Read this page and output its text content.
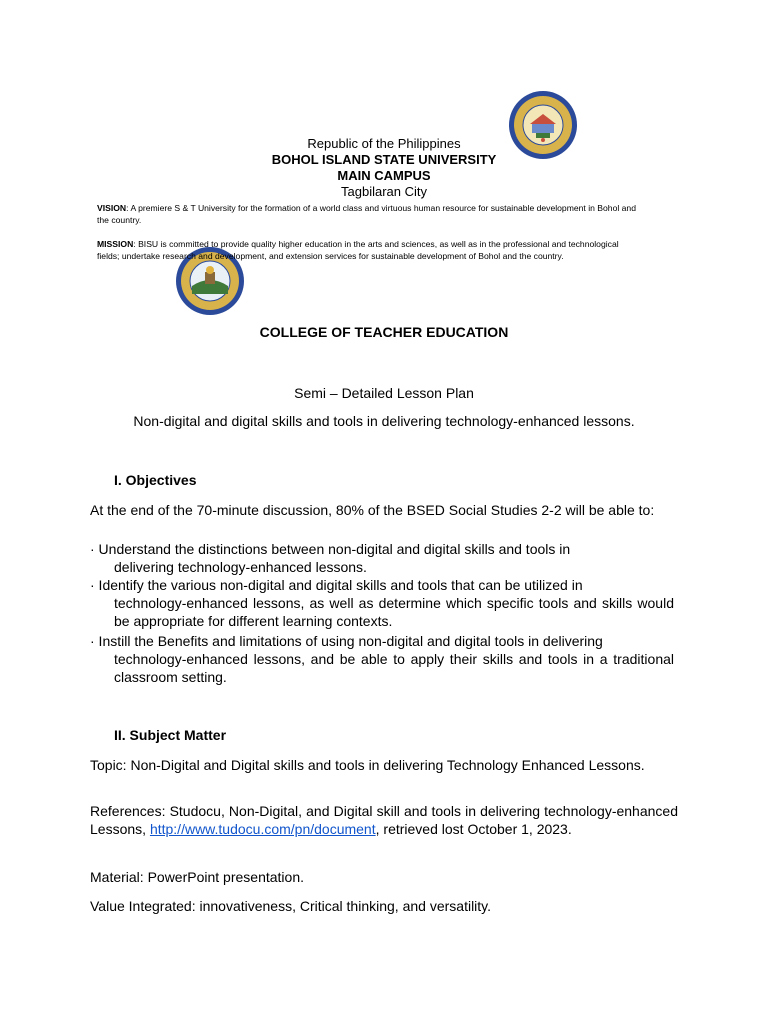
Republic of the Philippines
BOHOL ISLAND STATE UNIVERSITY
MAIN CAMPUS
Tagbilaran City
VISION: A premiere S & T University for the formation of a world class and virtuous human resource for sustainable development in Bohol and
the country.
MISSION: BISU is committed to provide quality higher education in the arts and sciences, as well as in the professional and technological
fields; undertake research and development, and extension services for sustainable development of Bohol and the country.
COLLEGE OF TEACHER EDUCATION
Semi – Detailed Lesson Plan
Non-digital and digital skills and tools in delivering technology-enhanced lessons.
I. Objectives
At the end of the 70-minute discussion, 80% of the BSED Social Studies 2-2 will be able to:
· Understand the distinctions between non-digital and digital skills and tools in
delivering technology-enhanced lessons.
· Identify the various non-digital and digital skills and tools that can be utilized in
technology-enhanced lessons, as well as determine which specific tools and skills would be appropriate for different learning contexts.
· Instill the Benefits and limitations of using non-digital and digital tools in delivering
technology-enhanced lessons, and be able to apply their skills and tools in a traditional classroom setting.
II. Subject Matter
Topic: Non-Digital and Digital skills and tools in delivering Technology Enhanced Lessons.
References: Studocu, Non-Digital, and Digital skill and tools in delivering technology-enhanced Lessons, http://www.tudocu.com/pn/document, retrieved lost October 1, 2023.
Material: PowerPoint presentation.
Value Integrated: innovativeness, Critical thinking, and versatility.
